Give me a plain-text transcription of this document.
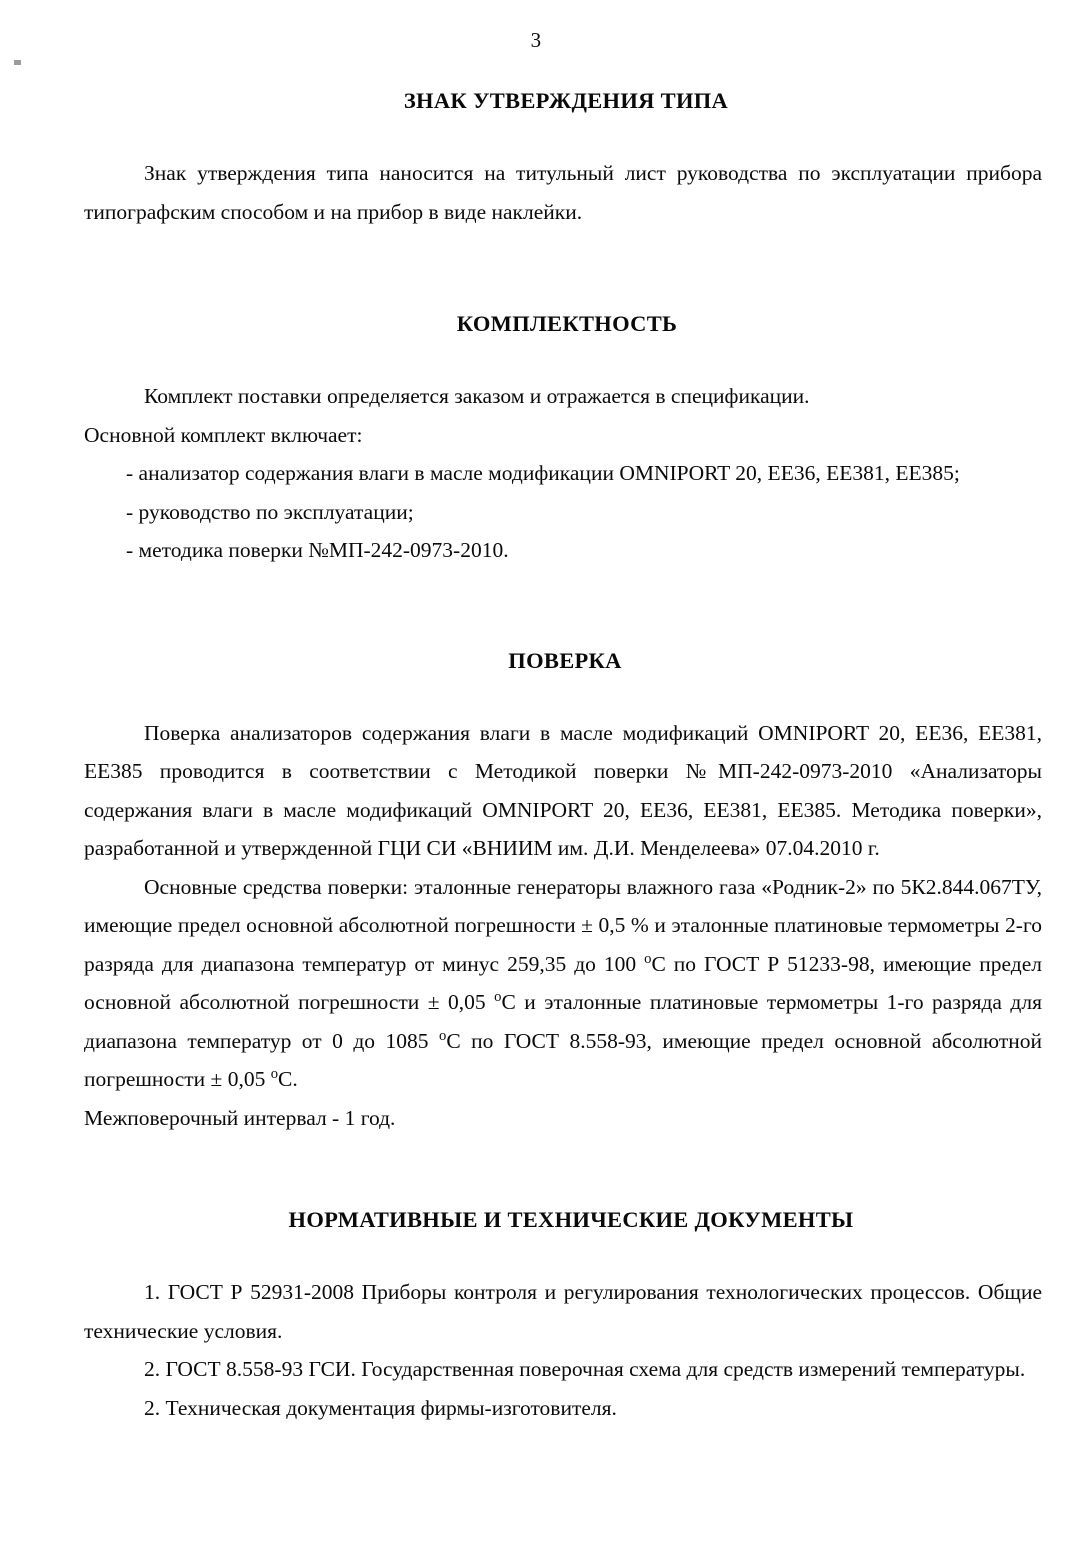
3
ЗНАК УТВЕРЖДЕНИЯ ТИПА

Знак утверждения типа наносится на титульный лист руководства по эксплуатации прибора типографским способом и на прибор в виде наклейки.

КОМПЛЕКТНОСТЬ

Комплект поставки определяется заказом и отражается в спецификации.

Основной комплект включает:

- анализатор содержания влаги в масле модификации OMNIPORT 20, ЕЕ36, ЕЕ381, ЕЕ385;
- руководство по эксплуатации;
- методика поверки №МП-242-0973-2010.
ПОВЕРКА

Поверка анализаторов содержания влаги в масле модификаций OMNIPORT 20, ЕЕ36, ЕЕ381, ЕЕ385 проводится в соответствии с Методикой поверки №МП-242-0973-2010 «Анализаторы содержания влаги в масле модификаций OMNIPORT 20, ЕЕ36, ЕЕ381, ЕЕ385. Методика поверки», разработанной и утвержденной ГЦИ СИ «ВНИИМ им. Д.И. Менделеева» 07.04.2010 г.

Основные средства поверки: эталонные генераторы влажного газа «Родник-2» по 5К2.844.067ТУ, имеющие предел основной абсолютной погрешности ± 0,5 % и эталонные платиновые термометры 2-го разряда для диапазона температур от минус 259,35 до 100 $^о$С по ГОСТ Р 51233-98, имеющие предел основной абсолютной погрешности ± 0,05 $^о$С и эталонные платиновые термометры 1-го разряда для диапазона температур от 0 до 1085 $^о$С по ГОСТ 8.558-93, имеющие предел основной абсолютной погрешности ± 0,05 $^о$С.

Межповерочный интервал - 1 год.

НОРМАТИВНЫЕ И ТЕХНИЧЕСКИЕ ДОКУМЕНТЫ

1. ГОСТ Р 52931-2008 Приборы контроля и регулирования технологических процессов. Общие технические условия.

2. ГОСТ 8.558-93 ГСИ. Государственная поверочная схема для средств измерений температуры.

2. Техническая документация фирмы-изготовителя.
